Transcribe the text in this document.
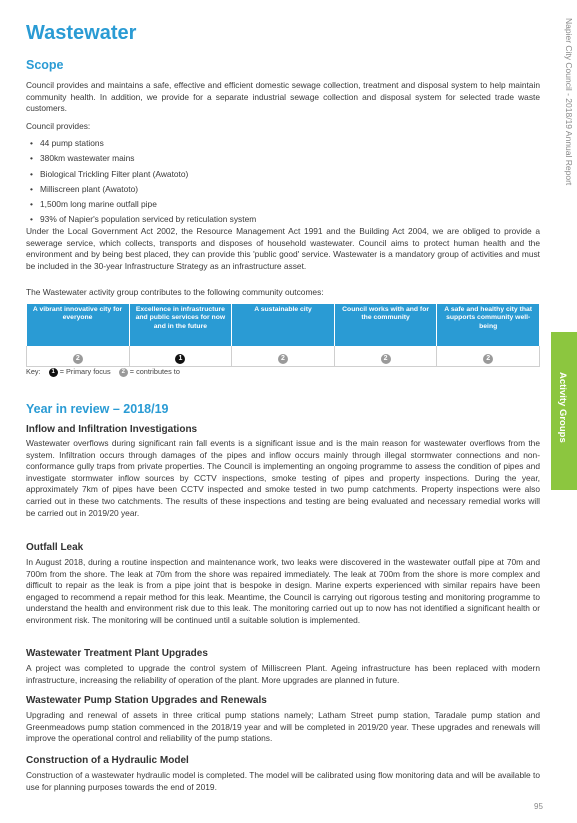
Wastewater
Scope

Council provides and maintains a safe, effective and efficient domestic sewage collection, treatment and disposal system to help maintain community health. In addition, we provide for a separate industrial sewage collection and disposal system for selected trade waste customers.

Council provides:

• 44 pump stations
• 380km wastewater mains
• Biological Trickling Filter plant (Awatoto)
• Milliscreen plant (Awatoto)
• 1,500m long marine outfall pipe
• 93% of Napier's population serviced by reticulation system

Under the Local Government Act 2002, the Resource Management Act 1991 and the Building Act 2004, we are obliged to provide a sewerage service, which collects, transports and disposes of household wastewater. Council aims to protect human health and the environment and by being best placed, they can provide this 'public good' service. Wastewater is a mandatory group of activities and must be included in the 30-year Infrastructure Strategy as an infrastructure asset.

The Wastewater activity group contributes to the following community outcomes:

A vibrant innovative city for everyone	Excellence in infrastructure and public services for now and in the future	A sustainable city	Council works with and for the community	A safe and healthy city that supports community well-being
2	1	2	2	2
Key: 1 = Primary focus 2 = contributes to
Year in review – 2018/19
Inflow and Infiltration Investigations

Wastewater overflows during significant rain fall events is a significant issue and is the main reason for wastewater overflows from the system. Infiltration occurs through damages of the pipes and inflow occurs mainly through illegal stormwater connections and non-conformance gully traps from private properties. The Council is implementing an ongoing programme to assess the condition of pipes and investigate stormwater inflow sources by CCTV inspections, smoke testing of pipes and property inspections. During the year, approximately 7km of pipes have been CCTV inspected and smoke tested in two pump catchments. Property inspections were also carried out in these two catchments. The results of these inspections and testing are being evaluated and necessary remedial works will be carried out in 2019/20 year.

Outfall Leak

In August 2018, during a routine inspection and maintenance work, two leaks were discovered in the wastewater outfall pipe at 70m and 700m from the shore. The leak at 70m from the shore was repaired immediately. The leak at 700m from the shore is more complex and difficult to repair as the leak is from a pipe joint that is bespoke in design. Marine experts experienced with similar repairs have been engaged to recommend a repair method for this leak. Meantime, the Council is carrying out rigorous testing and monitoring programme to understand the health and environment risk due to this leak. The monitoring carried out up to now has not identified a significant health or environment risk. The monitoring will be continued until a suitable solution is implemented.

Wastewater Treatment Plant Upgrades

A project was completed to upgrade the control system of Milliscreen Plant. Ageing infrastructure has been replaced with modern infrastructure, increasing the reliability of operation of the plant. More upgrades are planned in future.

Wastewater Pump Station Upgrades and Renewals

Upgrading and renewal of assets in three critical pump stations namely; Latham Street pump station, Taradale pump station and Greenmeadows pump station commenced in the 2018/19 year and will be completed in 2019/20 year. These upgrades and renewals will improve the operational control and reliability of the pump stations.

Construction of a Hydraulic Model

Construction of a wastewater hydraulic model is completed. The model will be calibrated using flow monitoring data and will be available to use for planning purposes towards the end of 2019.

Napier City Council - 2018/19 Annual Report
Activity Groups
95
